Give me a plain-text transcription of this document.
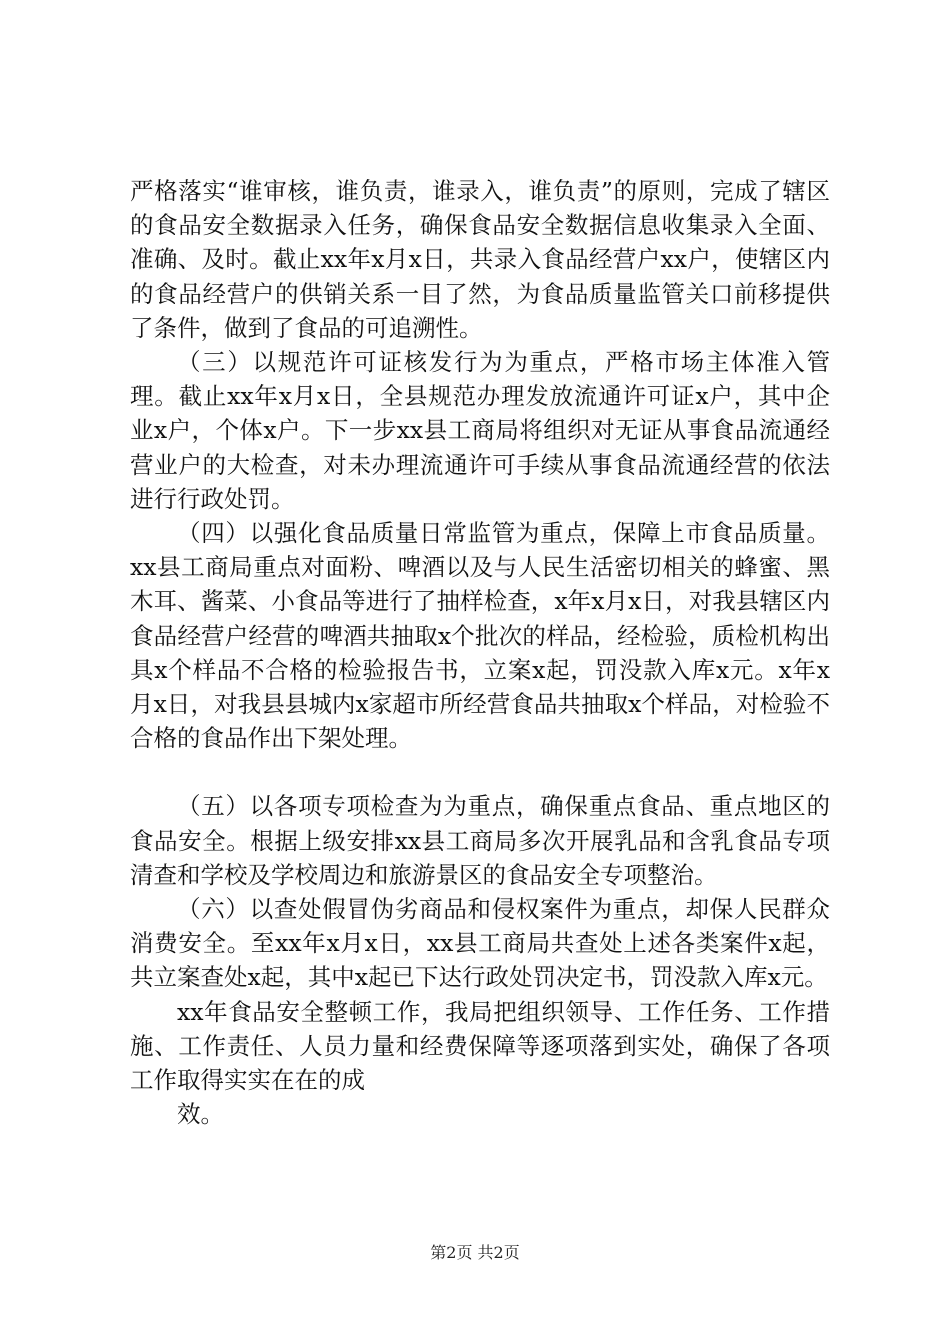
严格落实“谁审核，谁负责，谁录入，谁负责”的原则，完成了辖区的食品安全数据录入任务，确保食品安全数据信息收集录入全面、准确、及时。截止xx年x月x日，共录入食品经营户xx户，使辖区内的食品经营户的供销关系一目了然，为食品质量监管关口前移提供了条件，做到了食品的可追溯性。

（三）以规范许可证核发行为为重点，严格市场主体准入管理。截止xx年x月x日，全县规范办理发放流通许可证x户，其中企业x户，个体x户。下一步xx县工商局将组织对无证从事食品流通经营业户的大检查，对未办理流通许可手续从事食品流通经营的依法进行行政处罚。

（四）以强化食品质量日常监管为重点，保障上市食品质量。xx县工商局重点对面粉、啤酒以及与人民生活密切相关的蜂蜜、黑木耳、酱菜、小食品等进行了抽样检查，x年x月x日，对我县辖区内食品经营户经营的啤酒共抽取x个批次的样品，经检验，质检机构出具x个样品不合格的检验报告书，立案x起，罚没款入库x元。x年x月x日，对我县县城内x家超市所经营食品共抽取x个样品，对检验不合格的食品作出下架处理。

（五）以各项专项检查为为重点，确保重点食品、重点地区的食品安全。根据上级安排xx县工商局多次开展乳品和含乳食品专项清查和学校及学校周边和旅游景区的食品安全专项整治。

（六）以查处假冒伪劣商品和侵权案件为重点，却保人民群众消费安全。至xx年x月x日，xx县工商局共查处上述各类案件x起，共立案查处x起，其中x起已下达行政处罚决定书，罚没款入库x元。

xx年食品安全整顿工作，我局把组织领导、工作任务、工作措施、工作责任、人员力量和经费保障等逐项落到实处，确保了各项工作取得实实在在的成

效。

第2页 共2页
